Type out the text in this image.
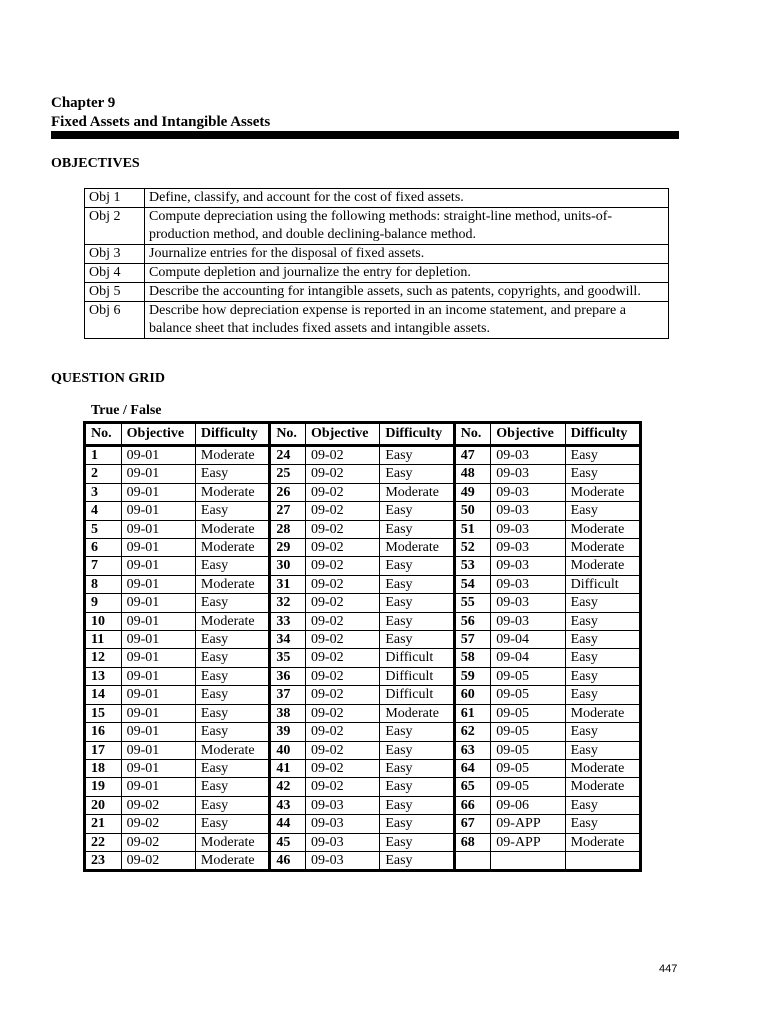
Chapter 9
Fixed Assets and Intangible Assets
OBJECTIVES
Obj 1	Define, classify, and account for the cost of fixed assets.
Obj 2	Compute depreciation using the following methods: straight-line method, units-of-production method, and double declining-balance method.
Obj 3	Journalize entries for the disposal of fixed assets.
Obj 4	Compute depletion and journalize the entry for depletion.
Obj 5	Describe the accounting for intangible assets, such as patents, copyrights, and goodwill.
Obj 6	Describe how depreciation expense is reported in an income statement, and prepare a balance sheet that includes fixed assets and intangible assets.
QUESTION GRID
True / False
No.	Objective	Difficulty	No.	Objective	Difficulty	No.	Objective	Difficulty
1	09-01	Moderate	24	09-02	Easy	47	09-03	Easy
2	09-01	Easy	25	09-02	Easy	48	09-03	Easy
3	09-01	Moderate	26	09-02	Moderate	49	09-03	Moderate
4	09-01	Easy	27	09-02	Easy	50	09-03	Easy
5	09-01	Moderate	28	09-02	Easy	51	09-03	Moderate
6	09-01	Moderate	29	09-02	Moderate	52	09-03	Moderate
7	09-01	Easy	30	09-02	Easy	53	09-03	Moderate
8	09-01	Moderate	31	09-02	Easy	54	09-03	Difficult
9	09-01	Easy	32	09-02	Easy	55	09-03	Easy
10	09-01	Moderate	33	09-02	Easy	56	09-03	Easy
11	09-01	Easy	34	09-02	Easy	57	09-04	Easy
12	09-01	Easy	35	09-02	Difficult	58	09-04	Easy
13	09-01	Easy	36	09-02	Difficult	59	09-05	Easy
14	09-01	Easy	37	09-02	Difficult	60	09-05	Easy
15	09-01	Easy	38	09-02	Moderate	61	09-05	Moderate
16	09-01	Easy	39	09-02	Easy	62	09-05	Easy
17	09-01	Moderate	40	09-02	Easy	63	09-05	Easy
18	09-01	Easy	41	09-02	Easy	64	09-05	Moderate
19	09-01	Easy	42	09-02	Easy	65	09-05	Moderate
20	09-02	Easy	43	09-03	Easy	66	09-06	Easy
21	09-02	Easy	44	09-03	Easy	67	09-APP	Easy
22	09-02	Moderate	45	09-03	Easy	68	09-APP	Moderate
23	09-02	Moderate	46	09-03	Easy			
447
